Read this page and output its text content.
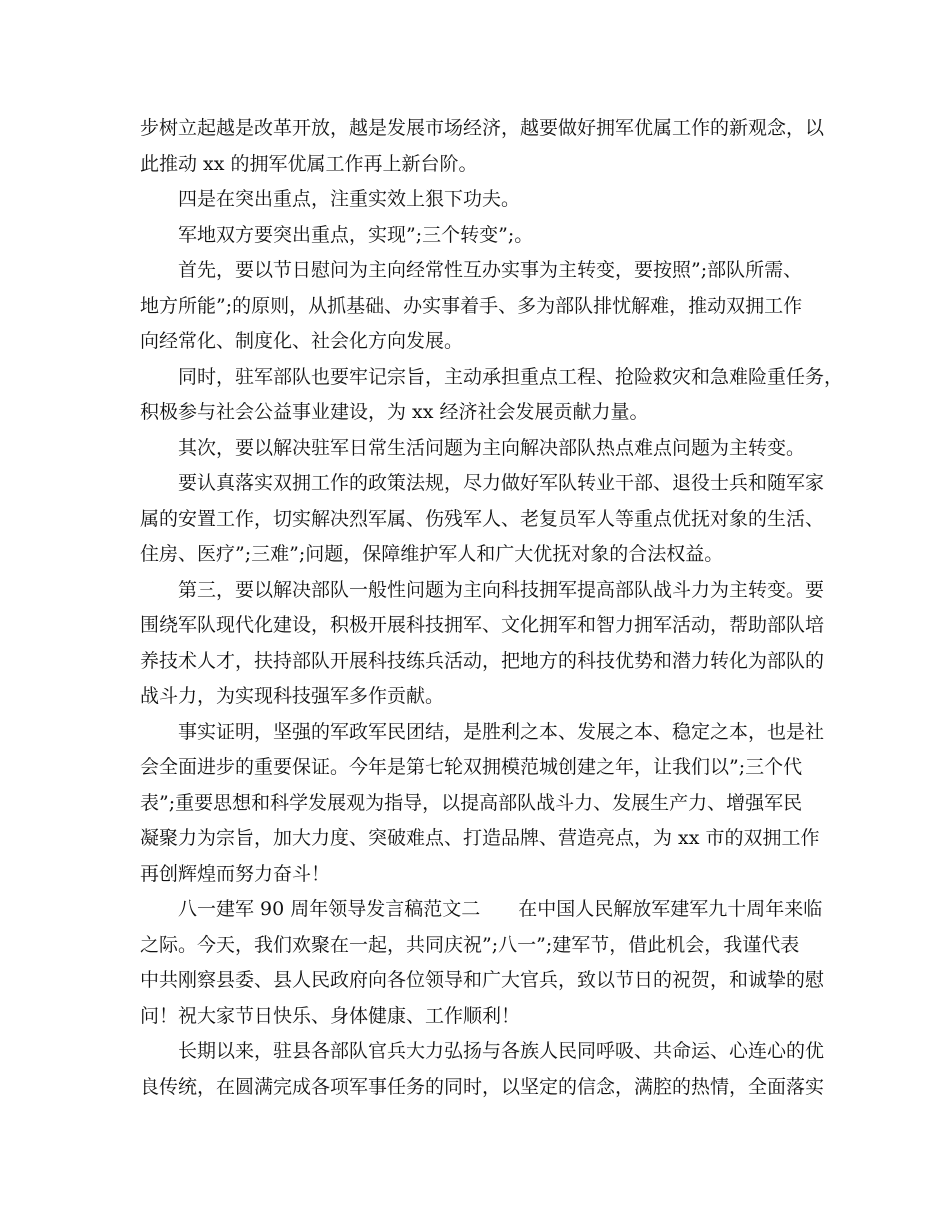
步树立起越是改革开放，越是发展市场经济，越要做好拥军优属工作的新观念，以
此推动 xx 的拥军优属工作再上新台阶。
四是在突出重点，注重实效上狠下功夫。
军地双方要突出重点，实现”;三个转变”;。
首先，要以节日慰问为主向经常性互办实事为主转变，要按照”;部队所需、
地方所能”;的原则，从抓基础、办实事着手、多为部队排忧解难，推动双拥工作
向经常化、制度化、社会化方向发展。
同时，驻军部队也要牢记宗旨，主动承担重点工程、抢险救灾和急难险重任务，
积极参与社会公益事业建设，为 xx 经济社会发展贡献力量。
其次，要以解决驻军日常生活问题为主向解决部队热点难点问题为主转变。
要认真落实双拥工作的政策法规，尽力做好军队转业干部、退役士兵和随军家
属的安置工作，切实解决烈军属、伤残军人、老复员军人等重点优抚对象的生活、
住房、医疗”;三难”;问题，保障维护军人和广大优抚对象的合法权益。
第三，要以解决部队一般性问题为主向科技拥军提高部队战斗力为主转变。要
围绕军队现代化建设，积极开展科技拥军、文化拥军和智力拥军活动，帮助部队培
养技术人才，扶持部队开展科技练兵活动，把地方的科技优势和潜力转化为部队的
战斗力，为实现科技强军多作贡献。
事实证明，坚强的军政军民团结，是胜利之本、发展之本、稳定之本，也是社
会全面进步的重要保证。今年是第七轮双拥模范城创建之年，让我们以”;三个代
表”;重要思想和科学发展观为指导，以提高部队战斗力、发展生产力、增强军民
凝聚力为宗旨，加大力度、突破难点、打造品牌、营造亮点，为 xx 市的双拥工作
再创辉煌而努力奋斗！
八一建军 90 周年领导发言稿范文二　　在中国人民解放军建军九十周年来临
之际。今天，我们欢聚在一起，共同庆祝”;八一”;建军节，借此机会，我谨代表
中共刚察县委、县人民政府向各位领导和广大官兵，致以节日的祝贺，和诚挚的慰
问！祝大家节日快乐、身体健康、工作顺利！
长期以来，驻县各部队官兵大力弘扬与各族人民同呼吸、共命运、心连心的优
良传统，在圆满完成各项军事任务的同时，以坚定的信念，满腔的热情，全面落实
